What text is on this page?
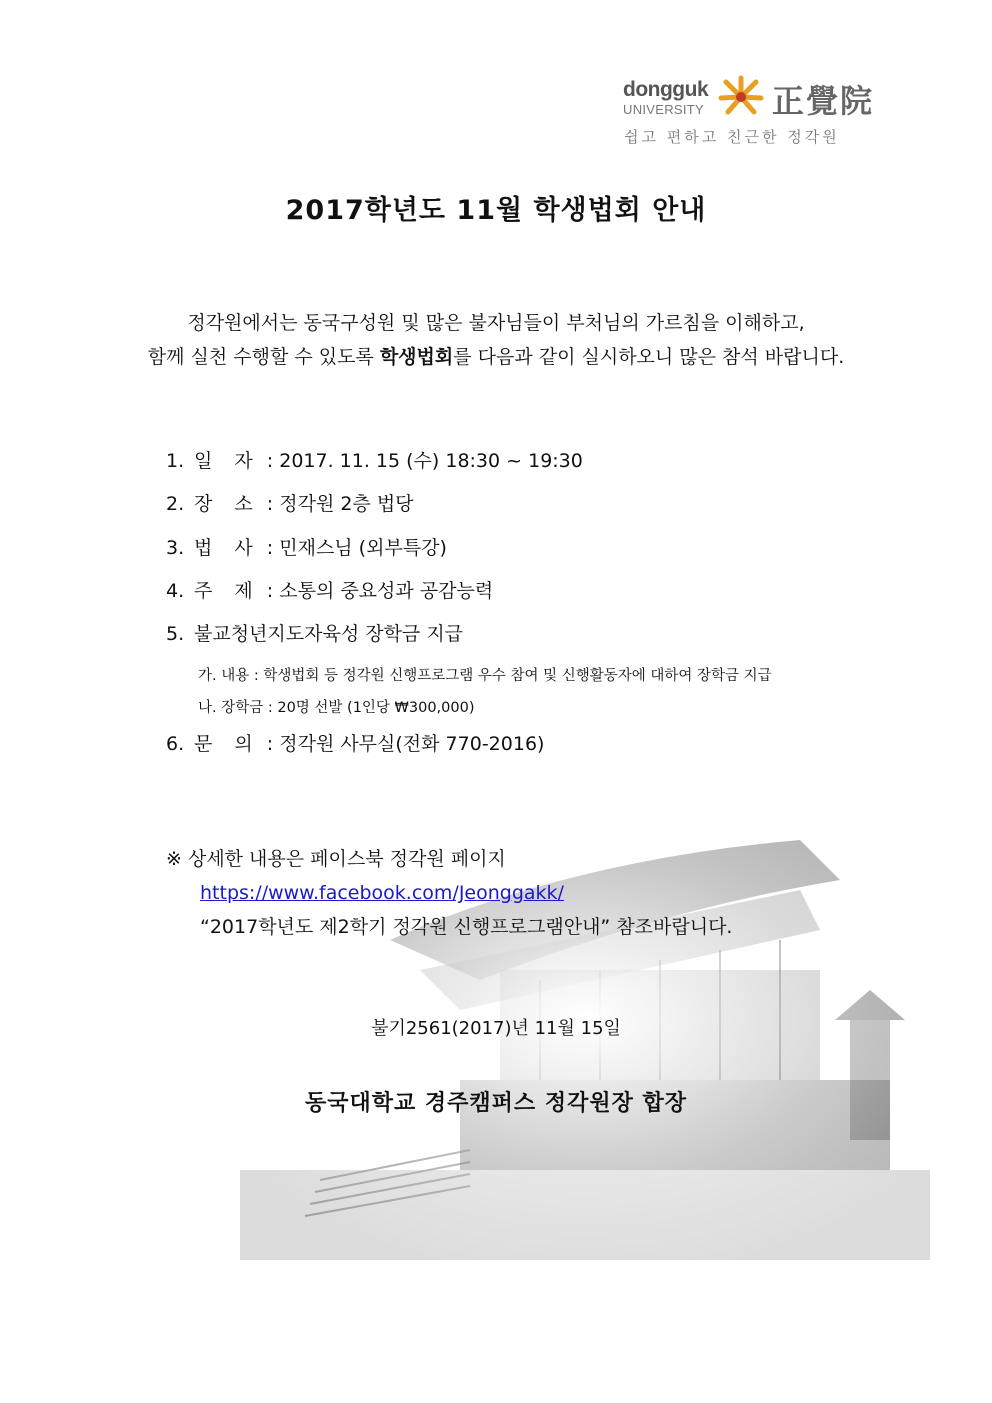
dongguk
UNIVERSITY 正覺院
쉽고 편하고 친근한 정각원
2017학년도 11월 학생법회 안내
정각원에서는 동국구성원 및 많은 불자님들이 부처님의 가르침을 이해하고,
함께 실천 수행할 수 있도록 학생법회를 다음과 같이 실시하오니 많은 참석 바랍니다.
1. 일 자 : 2017. 11. 15 (수) 18:30 ~ 19:30
2. 장 소 : 정각원 2층 법당
3. 법 사 : 민재스님 (외부특강)
4. 주 제 : 소통의 중요성과 공감능력
5. 불교청년지도자육성 장학금 지급
가. 내용 : 학생법회 등 정각원 신행프로그램 우수 참여 및 신행활동자에 대하여 장학금 지급
나. 장학금 : 20명 선발 (1인당 ₩300,000)
6. 문 의 : 정각원 사무실(전화 770-2016)
※ 상세한 내용은 페이스북 정각원 페이지
https://www.facebook.com/Jeonggakk/
“2017학년도 제2학기 정각원 신행프로그램안내” 참조바랍니다.
불기2561(2017)년 11월 15일
동국대학교 경주캠퍼스 정각원장 합장
